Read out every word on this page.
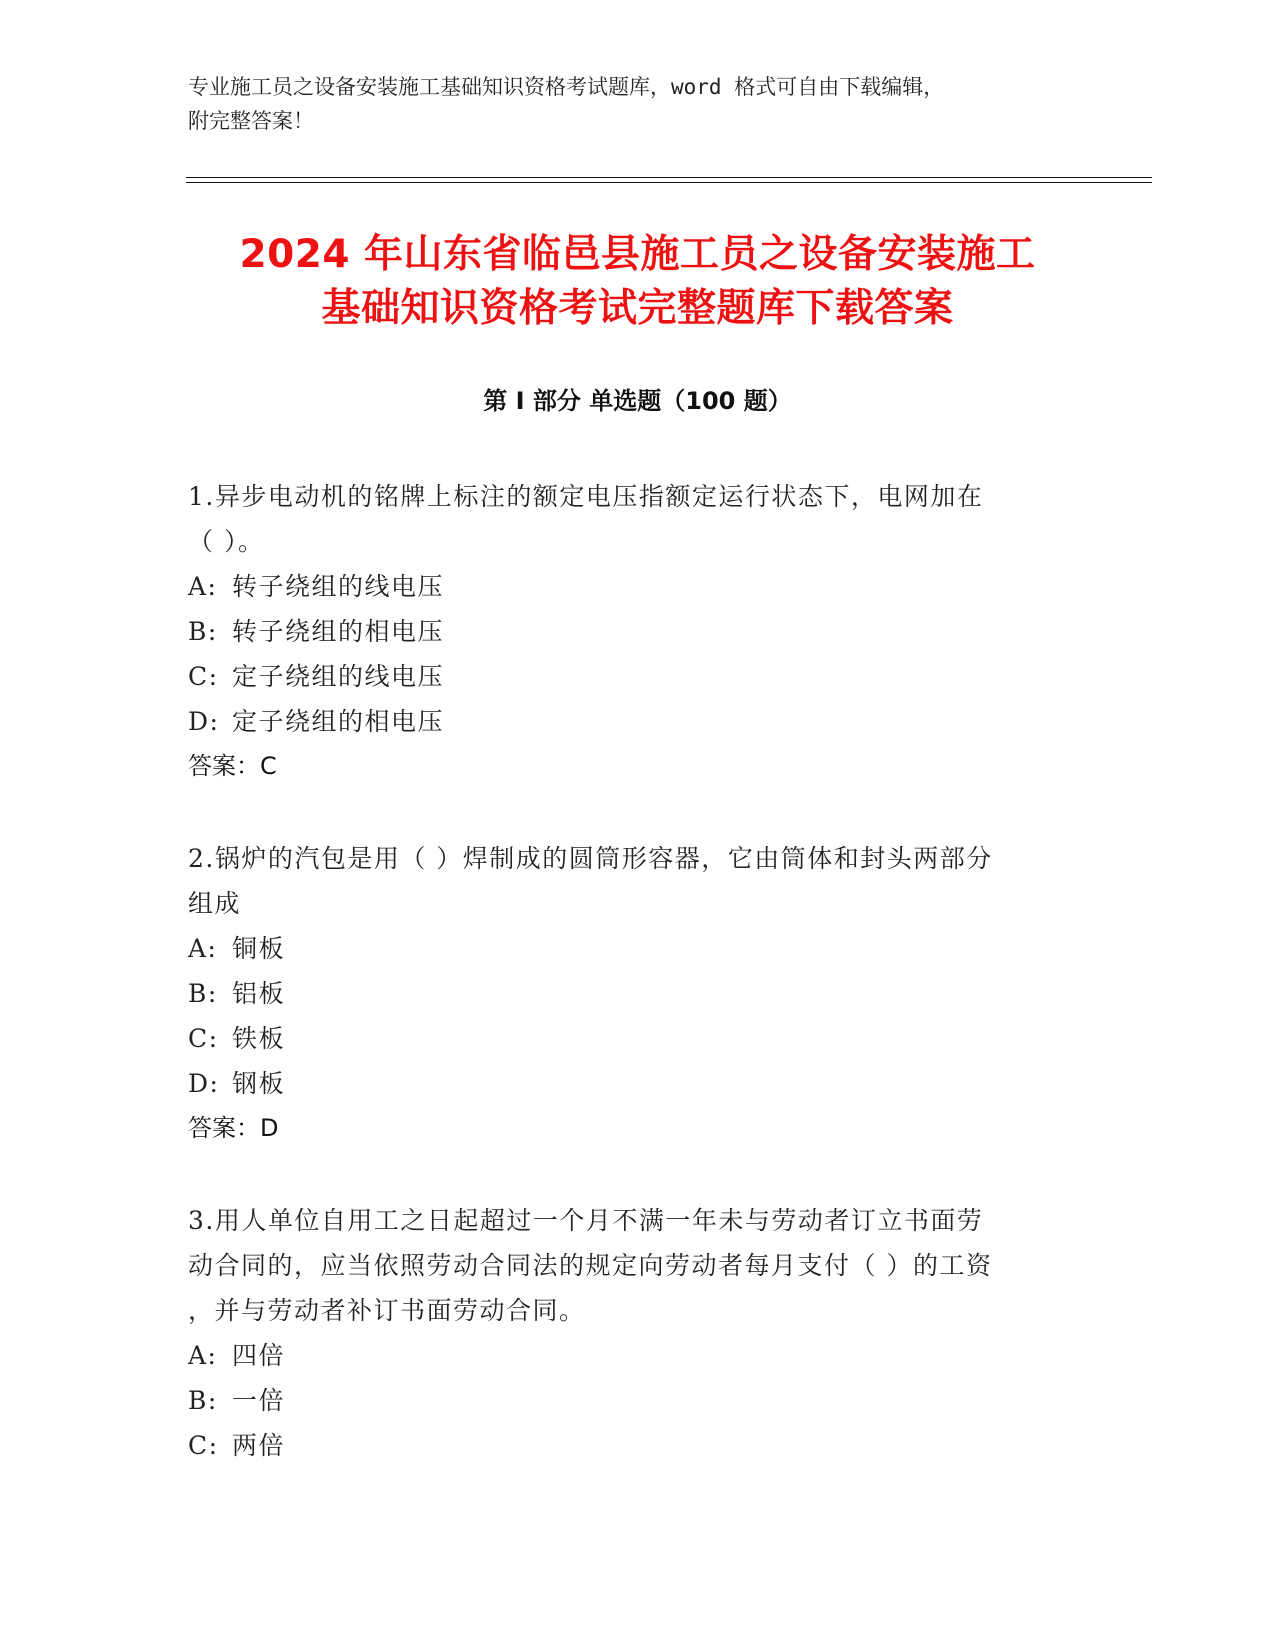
专业施工员之设备安装施工基础知识资格考试题库，word 格式可自由下载编辑，
附完整答案！
2024 年山东省临邑县施工员之设备安装施工
基础知识资格考试完整题库下载答案
第 I 部分 单选题（100 题）

1.异步电动机的铭牌上标注的额定电压指额定运行状态下，电网加在
（ ）。

A: 转子绕组的线电压

B: 转子绕组的相电压

C: 定子绕组的线电压

D: 定子绕组的相电压

答案：C

2.锅炉的汽包是用（ ）焊制成的圆筒形容器，它由筒体和封头两部分
组成

A: 铜板

B: 铝板

C: 铁板

D: 钢板

答案：D

3.用人单位自用工之日起超过一个月不满一年未与劳动者订立书面劳
动合同的，应当依照劳动合同法的规定向劳动者每月支付（ ）的工资
，并与劳动者补订书面劳动合同。

A: 四倍

B: 一倍

C: 两倍
